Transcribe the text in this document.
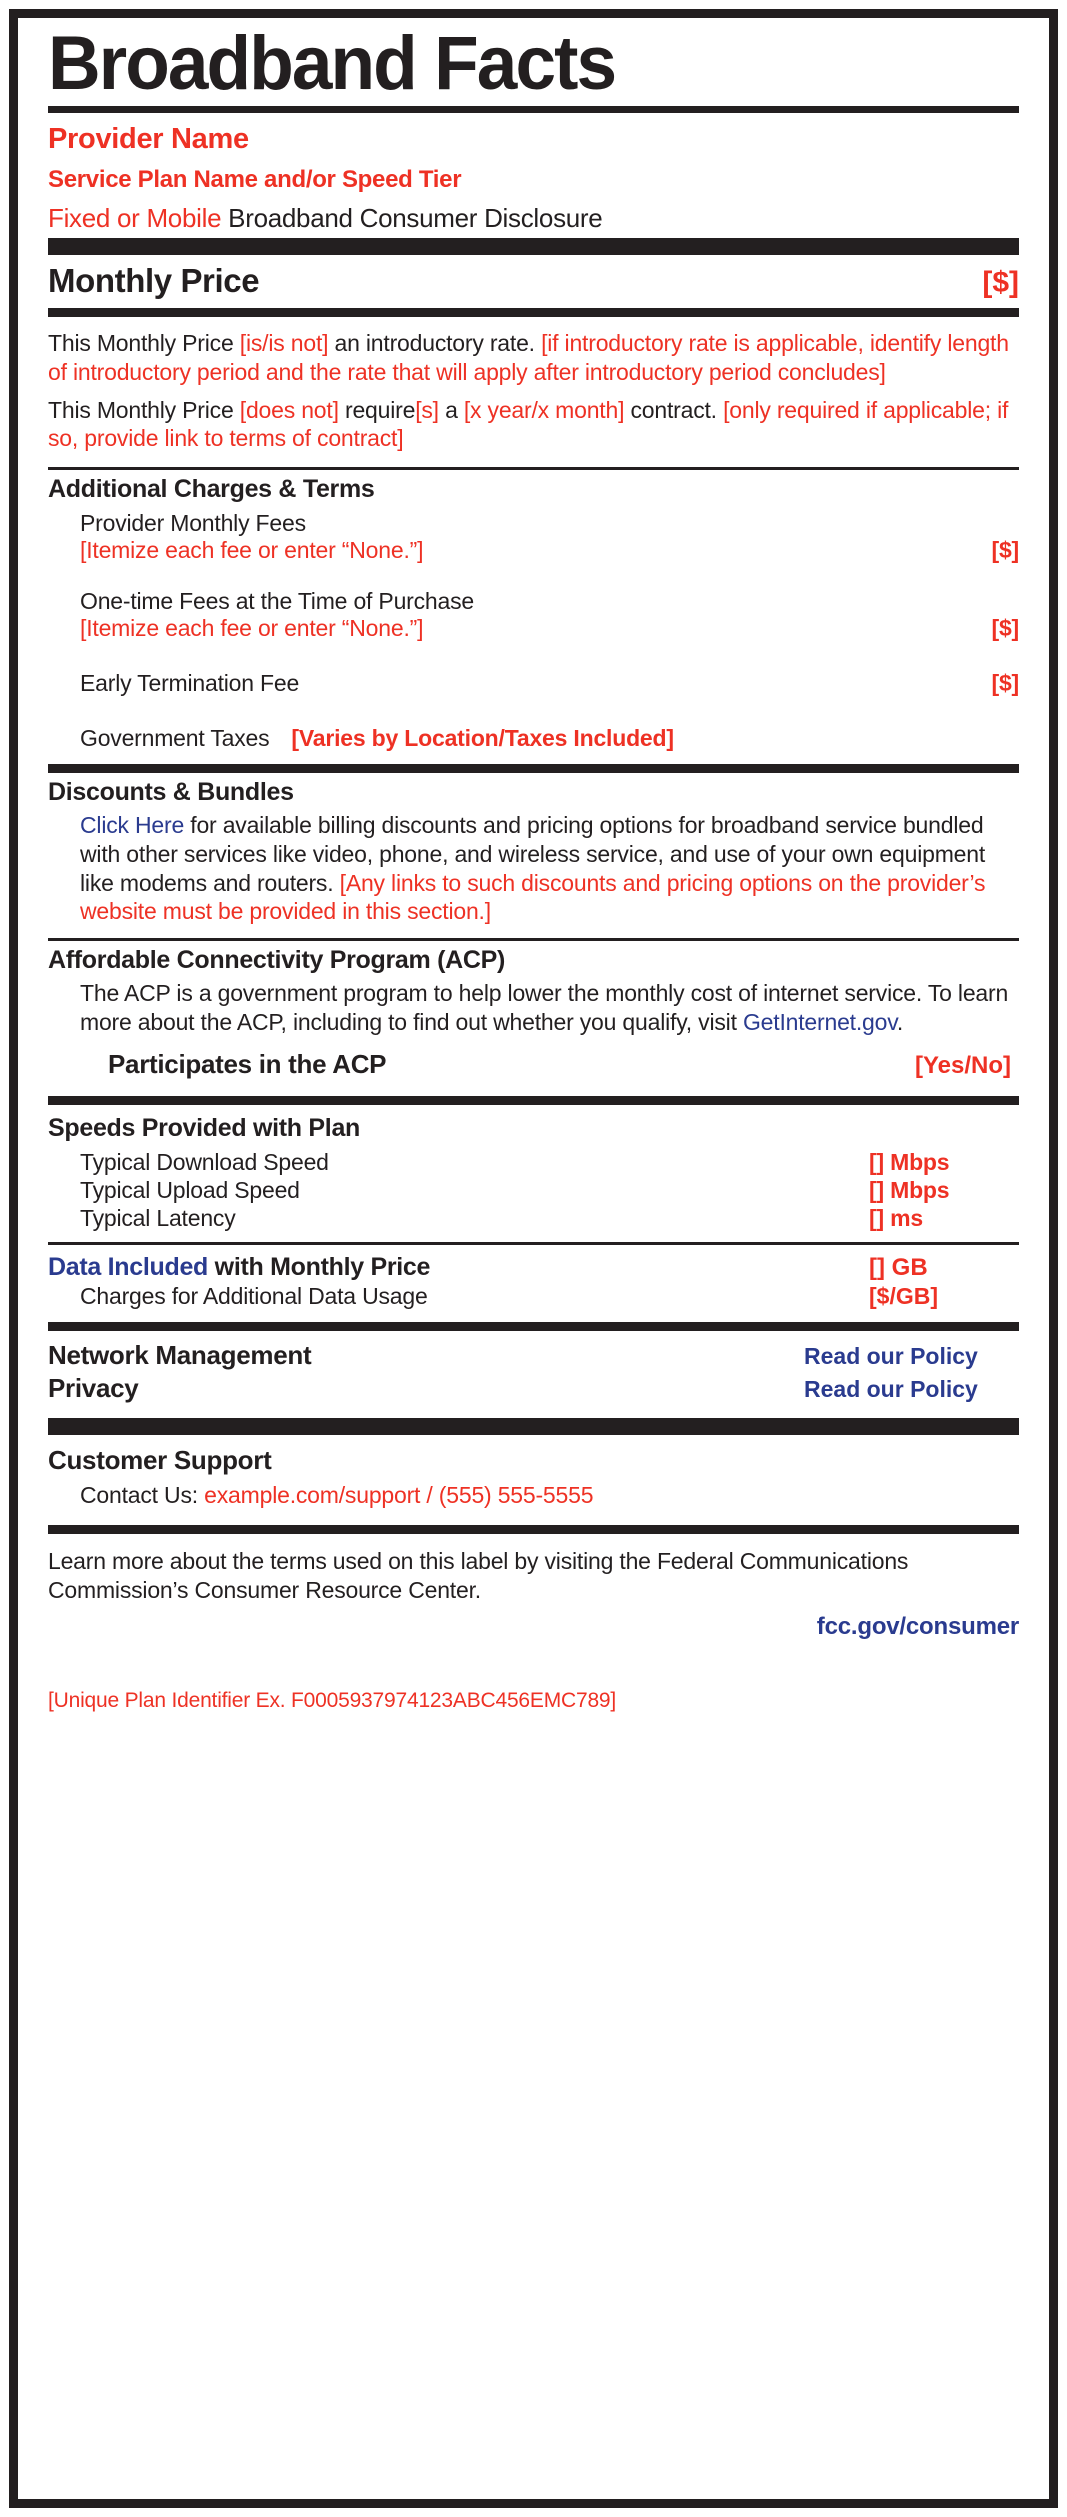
Broadband Facts
Provider Name
Service Plan Name and/or Speed Tier
Fixed or Mobile Broadband Consumer Disclosure
Monthly Price	[$]
This Monthly Price [is/is not] an introductory rate. [if introductory rate is applicable, identify length of introductory period and the rate that will apply after introductory period concludes]
This Monthly Price [does not] require[s] a [x year/x month] contract. [only required if applicable; if so, provide link to terms of contract]
Additional Charges & Terms
Provider Monthly Fees
[Itemize each fee or enter “None.”]	[$]
One-time Fees at the Time of Purchase
[Itemize each fee or enter “None.”]	[$]
Early Termination Fee	[$]
Government Taxes [Varies by Location/Taxes Included]
Discounts & Bundles
Click Here for available billing discounts and pricing options for broadband service bundled with other services like video, phone, and wireless service, and use of your own equipment like modems and routers. [Any links to such discounts and pricing options on the provider’s website must be provided in this section.]
Affordable Connectivity Program (ACP)
The ACP is a government program to help lower the monthly cost of internet service. To learn more about the ACP, including to find out whether you qualify, visit GetInternet.gov.
Participates in the ACP	[Yes/No]
Speeds Provided with Plan
Typical Download Speed	[] Mbps
Typical Upload Speed	[] Mbps
Typical Latency	[] ms
Data Included with Monthly Price	[] GB
Charges for Additional Data Usage	[$/GB]
Network Management	Read our Policy
Privacy	Read our Policy
Customer Support
Contact Us: example.com/support / (555) 555-5555
Learn more about the terms used on this label by visiting the Federal Communications Commission’s Consumer Resource Center.
fcc.gov/consumer
[Unique Plan Identifier Ex. F0005937974123ABC456EMC789]
